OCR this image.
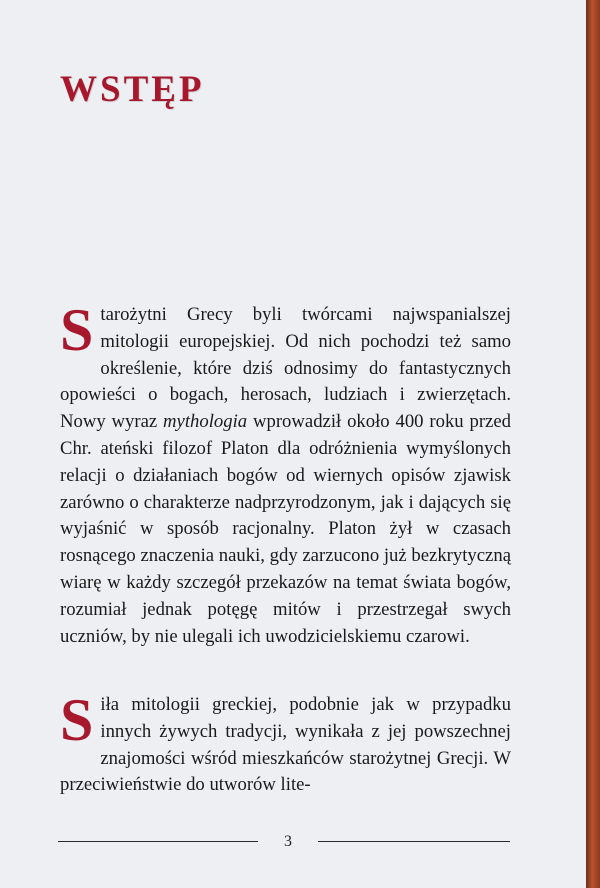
WSTĘP

Starożytni Grecy byli twórcami najwspanialszej mitologii europejskiej. Od nich pochodzi też samo określenie, które dziś odnosimy do fantastycznych opowieści o bogach, herosach, ludziach i zwierzętach. Nowy wyraz mythologia wprowadził około 400 roku przed Chr. ateński filozof Platon dla odróżnienia wymyślonych relacji o działaniach bogów od wiernych opisów zjawisk zarówno o charakterze nadprzyrodzonym, jak i dających się wyjaśnić w sposób racjonalny. Platon żył w czasach rosnącego znaczenia nauki, gdy zarzucono już bezkrytyczną wiarę w każdy szczegół przekazów na temat świata bogów, rozumiał jednak potęgę mitów i przestrzegał swych uczniów, by nie ulegali ich uwodzicielskiemu czarowi.

Siła mitologii greckiej, podobnie jak w przypadku innych żywych tradycji, wynikała z jej powszechnej znajomości wśród mieszkańców starożytnej Grecji. W przeciwieństwie do utworów lite-

3
